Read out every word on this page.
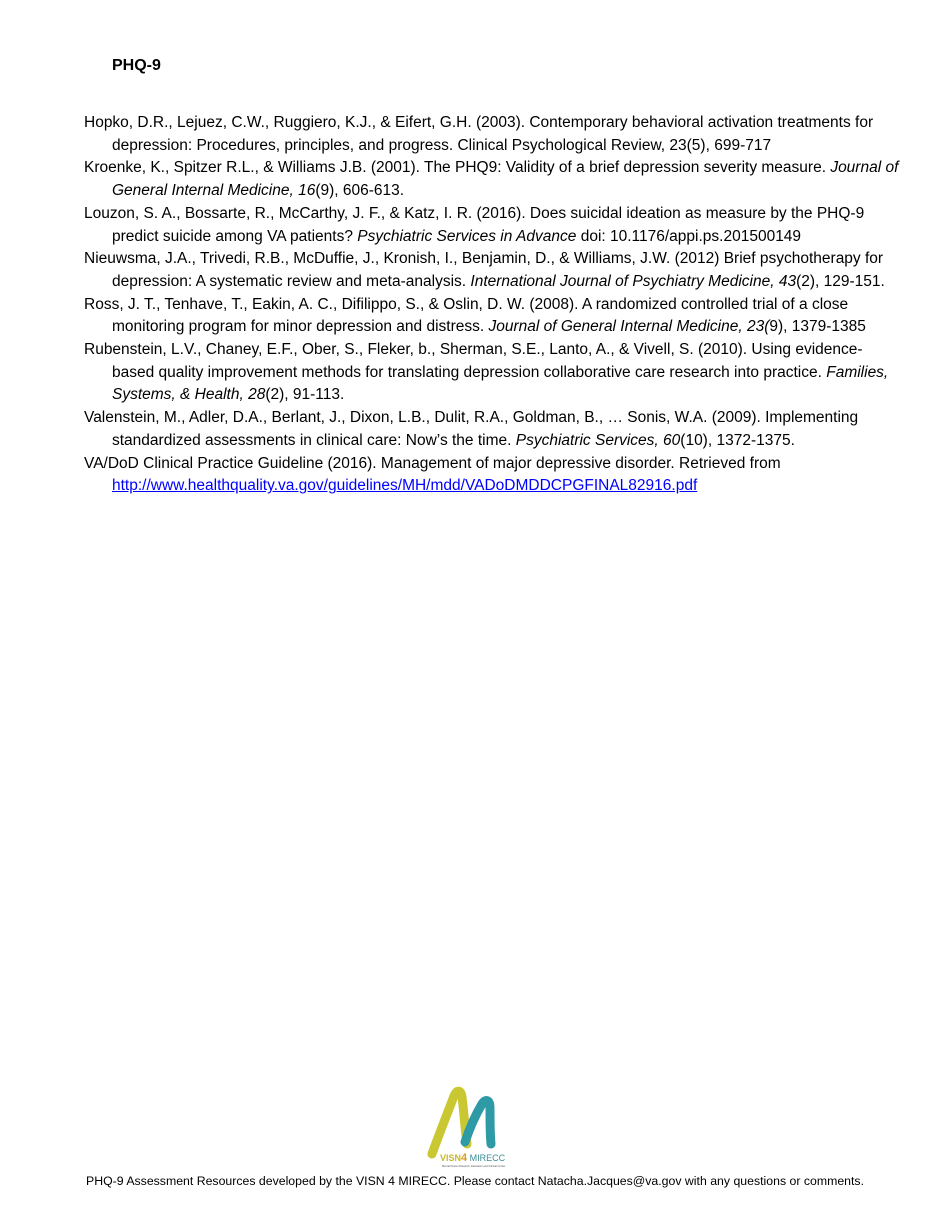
PHQ-9
Hopko, D.R., Lejuez, C.W., Ruggiero, K.J., & Eifert, G.H. (2003). Contemporary behavioral activation treatments for depression: Procedures, principles, and progress. Clinical Psychological Review, 23(5), 699-717
Kroenke, K., Spitzer R.L., & Williams J.B. (2001). The PHQ9: Validity of a brief depression severity measure. Journal of General Internal Medicine, 16(9), 606-613.
Louzon, S. A., Bossarte, R., McCarthy, J. F., & Katz, I. R. (2016). Does suicidal ideation as measure by the PHQ-9 predict suicide among VA patients? Psychiatric Services in Advance doi: 10.1176/appi.ps.201500149
Nieuwsma, J.A., Trivedi, R.B., McDuffie, J., Kronish, I., Benjamin, D., & Williams, J.W. (2012) Brief psychotherapy for depression: A systematic review and meta-analysis. International Journal of Psychiatry Medicine, 43(2), 129-151.
Ross, J. T., Tenhave, T., Eakin, A. C., Difilippo, S., & Oslin, D. W. (2008). A randomized controlled trial of a close monitoring program for minor depression and distress. Journal of General Internal Medicine, 23(9), 1379-1385
Rubenstein, L.V., Chaney, E.F., Ober, S., Fleker, b., Sherman, S.E., Lanto, A., & Vivell, S. (2010). Using evidence-based quality improvement methods for translating depression collaborative care research into practice. Families, Systems, & Health, 28(2), 91-113.
Valenstein, M., Adler, D.A., Berlant, J., Dixon, L.B., Dulit, R.A., Goldman, B., … Sonis, W.A. (2009). Implementing standardized assessments in clinical care: Now’s the time. Psychiatric Services, 60(10), 1372-1375.
VA/DoD Clinical Practice Guideline (2016). Management of major depressive disorder. Retrieved from http://www.healthquality.va.gov/guidelines/MH/mdd/VADoDMDDCPGFINAL82916.pdf
VISN4 MIRECC
Mental Illness Research, Education and Clinical Center
PHQ-9 Assessment Resources developed by the VISN 4 MIRECC. Please contact Natacha.Jacques@va.gov with any questions or comments.
